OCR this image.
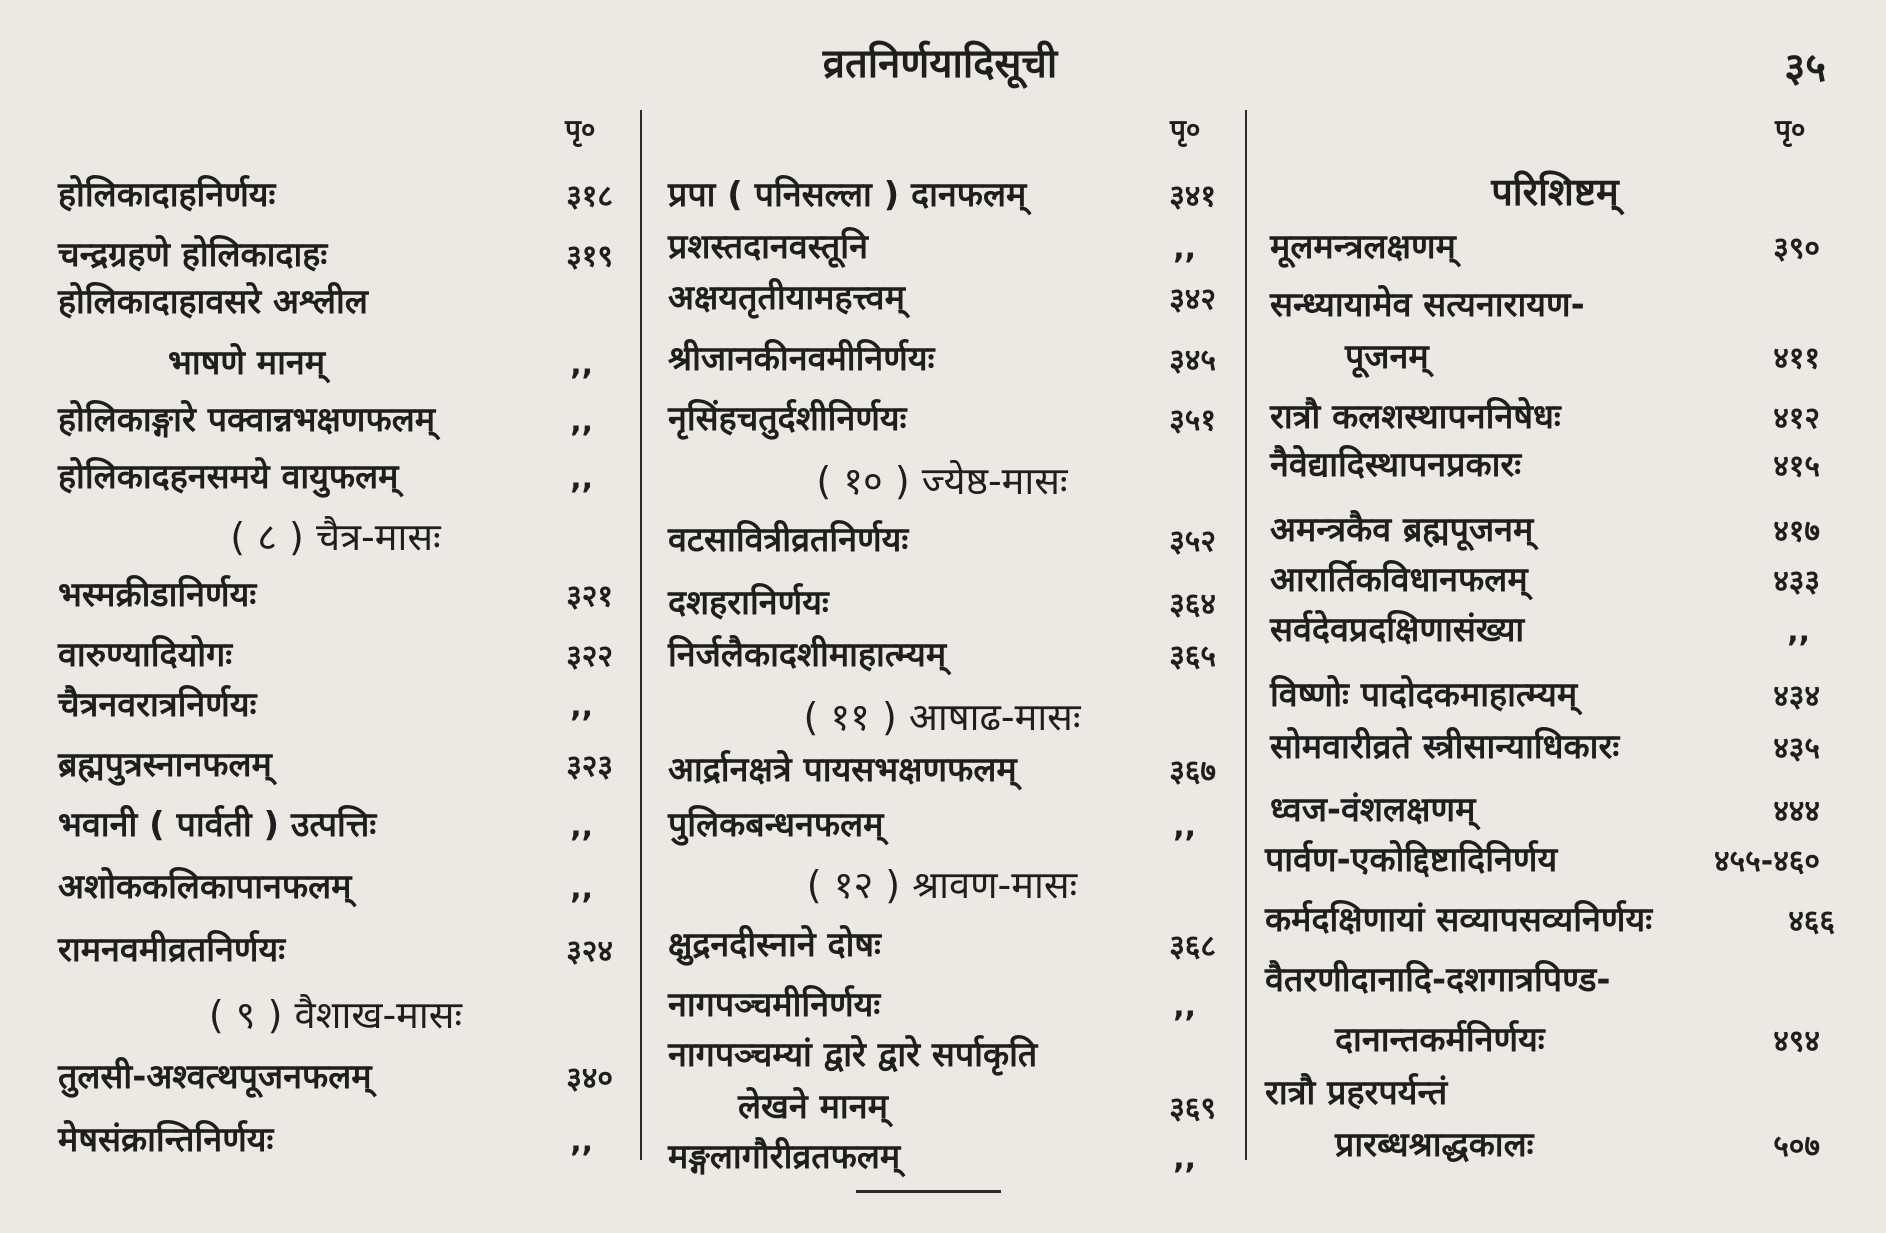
व्रतनिर्णयादिसूची	३५
पृ०	पृ०	पृ०
होलिकादाहनिर्णयः	३१८
चन्द्रग्रहणे होलिकादाहः	३१९
होलिकादाहावसरे अश्लील
भाषणे मानम्	,,
होलिकाङ्गारे पक्वान्नभक्षणफलम्	,,
होलिकादहनसमये वायुफलम्	,,
( ८ ) चैत्र-मासः
भस्मक्रीडानिर्णयः	३२१
वारुण्यादियोगः	३२२
चैत्रनवरात्रनिर्णयः	,,
ब्रह्मपुत्रस्नानफलम्	३२३
भवानी ( पार्वती ) उत्पत्तिः	,,
अशोककलिकापानफलम्	,,
रामनवमीव्रतनिर्णयः	३२४
( ९ ) वैशाख-मासः
तुलसी-अश्वत्थपूजनफलम्	३४०
मेषसंक्रान्तिनिर्णयः	,,
प्रपा ( पनिसल्ला ) दानफलम्	३४१
प्रशस्तदानवस्तूनि	,,
अक्षयतृतीयामहत्त्वम्	३४२
श्रीजानकीनवमीनिर्णयः	३४५
नृसिंहचतुर्दशीनिर्णयः	३५१
( १० ) ज्येष्ठ-मासः
वटसावित्रीव्रतनिर्णयः	३५२
दशहरानिर्णयः	३६४
निर्जलैकादशीमाहात्म्यम्	३६५
( ११ ) आषाढ-मासः
आर्द्रानक्षत्रे पायसभक्षणफलम्	३६७
पुलिकबन्धनफलम्	,,
( १२ ) श्रावण-मासः
क्षुद्रनदीस्नाने दोषः	३६८
नागपञ्चमीनिर्णयः	,,
नागपञ्चम्यां द्वारे द्वारे सर्पाकृति
लेखने मानम्	३६९
मङ्गलागौरीव्रतफलम्	,,
परिशिष्टम्
मूलमन्त्रलक्षणम्	३९०
सन्ध्यायामेव सत्यनारायण-
पूजनम्	४११
रात्रौ कलशस्थापननिषेधः	४१२
नैवेद्यादिस्थापनप्रकारः	४१५
अमन्त्रकैव ब्रह्मपूजनम्	४१७
आरार्तिकविधानफलम्	४३३
सर्वदेवप्रदक्षिणासंख्या	,,
विष्णोः पादोदकमाहात्म्यम्	४३४
सोमवारीव्रते स्त्रीसान्याधिकारः	४३५
ध्वज-वंशलक्षणम्	४४४
पार्वण-एकोद्दिष्टादिनिर्णय	४५५-४६०
कर्मदक्षिणायां सव्यापसव्यनिर्णयः	४६६
वैतरणीदानादि-दशगात्रपिण्ड-
दानान्तकर्मनिर्णयः	४९४
रात्रौ प्रहरपर्यन्तं
प्रारब्धश्राद्धकालः	५०७
